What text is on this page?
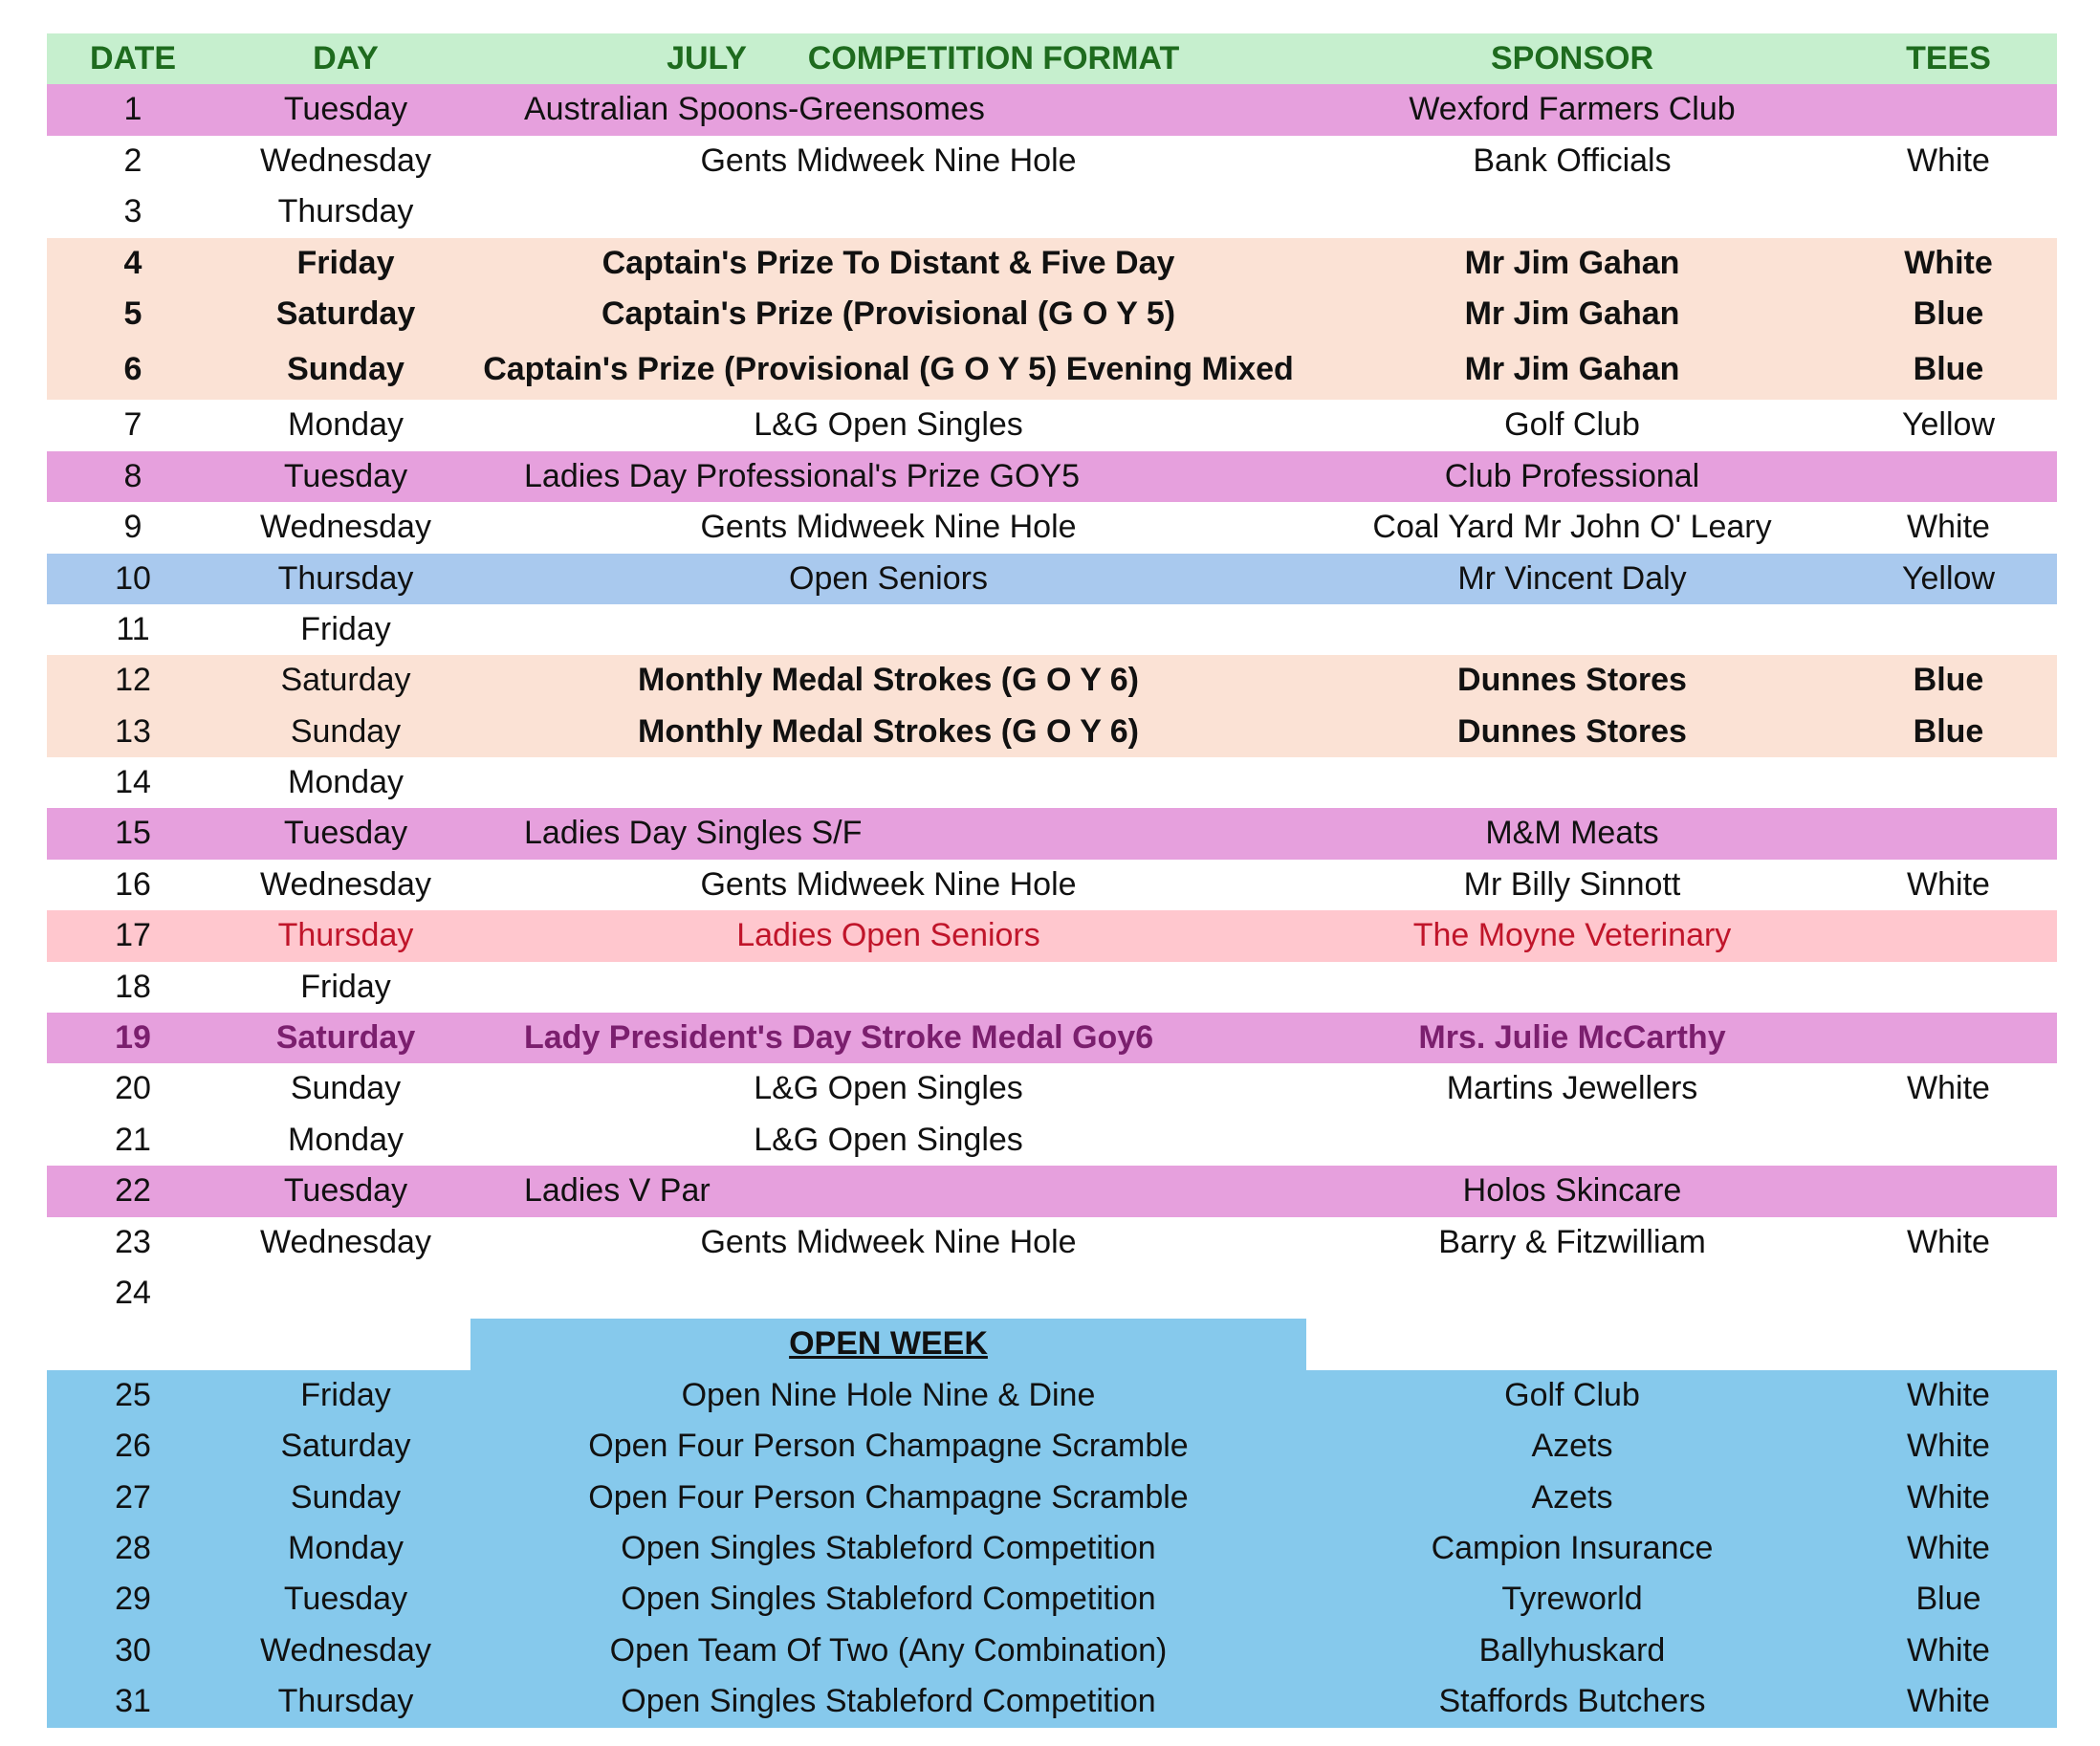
DATE	DAY	JULY	COMPETITION FORMAT	SPONSOR	TEES
1	Tuesday	Australian Spoons-Greensomes	Wexford Farmers Club
2	Wednesday	Gents Midweek Nine Hole	Bank Officials	White
3	Thursday
4	Friday	Captain's Prize To Distant & Five Day	Mr Jim Gahan	White
5	Saturday	Captain's Prize (Provisional (G O Y 5)	Mr Jim Gahan	Blue
6	Sunday	Captain's Prize (Provisional (G O Y 5) Evening Mixed	Mr Jim Gahan	Blue
7	Monday	L&G Open Singles	Golf Club	Yellow
8	Tuesday	Ladies Day Professional's Prize GOY5	Club Professional
9	Wednesday	Gents Midweek Nine Hole	Coal Yard Mr John O' Leary	White
10	Thursday	Open Seniors	Mr Vincent Daly	Yellow
11	Friday
12	Saturday	Monthly Medal Strokes (G O Y 6)	Dunnes Stores	Blue
13	Sunday	Monthly Medal Strokes (G O Y 6)	Dunnes Stores	Blue
14	Monday
15	Tuesday	Ladies Day Singles S/F	M&M Meats
16	Wednesday	Gents Midweek Nine Hole	Mr Billy Sinnott	White
17	Thursday	Ladies Open Seniors	The Moyne Veterinary
18	Friday
19	Saturday	Lady President's Day Stroke Medal Goy6	Mrs. Julie McCarthy
20	Sunday	L&G Open Singles	Martins Jewellers	White
21	Monday	L&G Open Singles
22	Tuesday	Ladies V Par	Holos Skincare
23	Wednesday	Gents Midweek Nine Hole	Barry & Fitzwilliam	White
24
OPEN WEEK
25	Friday	Open Nine Hole Nine & Dine	Golf Club	White
26	Saturday	Open Four Person Champagne Scramble	Azets	White
27	Sunday	Open Four Person Champagne Scramble	Azets	White
28	Monday	Open Singles Stableford Competition	Campion Insurance	White
29	Tuesday	Open Singles Stableford Competition	Tyreworld	Blue
30	Wednesday	Open Team Of Two (Any Combination)	Ballyhuskard	White
31	Thursday	Open Singles Stableford Competition	Staffords Butchers	White
